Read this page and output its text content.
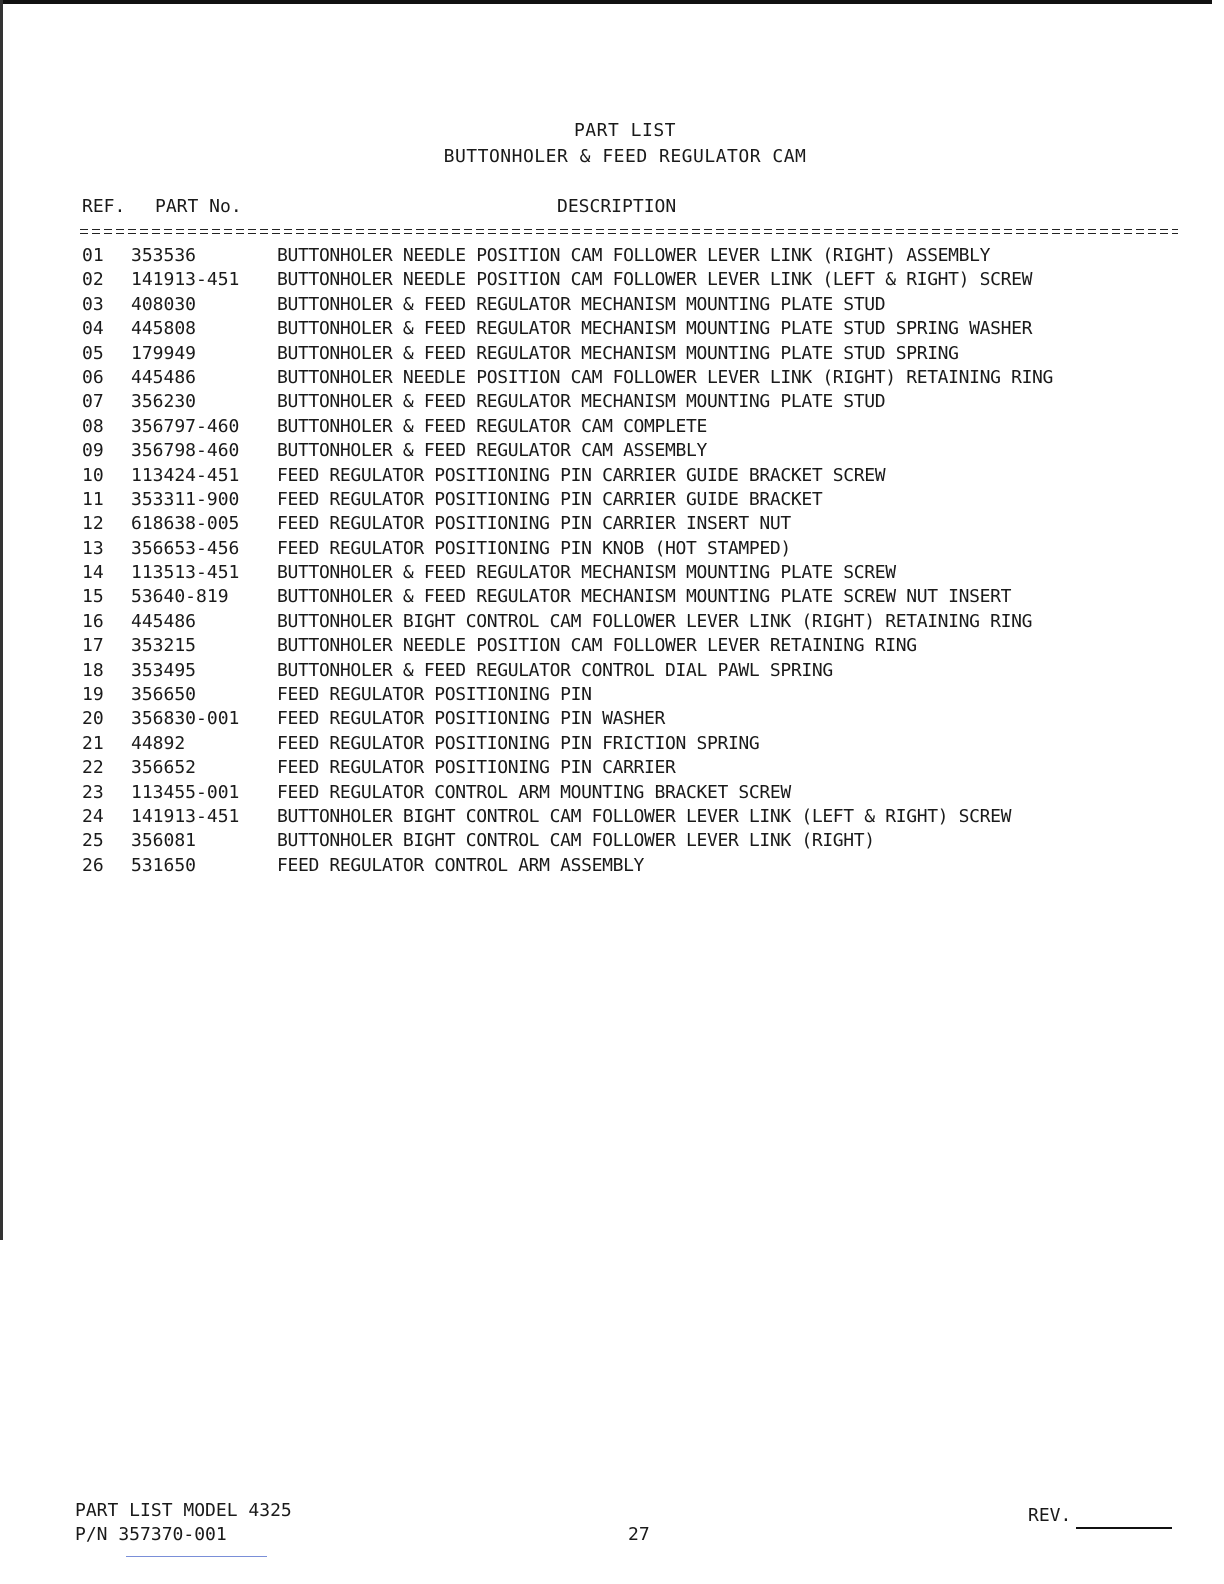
PART LIST
BUTTONHOLER & FEED REGULATOR CAM
REF. PART No.	DESCRIPTION
01 353536	BUTTONHOLER NEEDLE POSITION CAM FOLLOWER LEVER LINK (RIGHT) ASSEMBLY
02 141913-451 BUTTONHOLER NEEDLE POSITION CAM FOLLOWER LEVER LINK (LEFT & RIGHT) SCREW
03 408030	BUTTONHOLER & FEED REGULATOR MECHANISM MOUNTING PLATE STUD
04 445808	BUTTONHOLER & FEED REGULATOR MECHANISM MOUNTING PLATE STUD SPRING WASHER
05 179949	BUTTONHOLER & FEED REGULATOR MECHANISM MOUNTING PLATE STUD SPRING
06 445486	BUTTONHOLER NEEDLE POSITION CAM FOLLOWER LEVER LINK (RIGHT) RETAINING RING
07 356230	BUTTONHOLER & FEED REGULATOR MECHANISM MOUNTING PLATE STUD
08 356797-460 BUTTONHOLER & FEED REGULATOR CAM COMPLETE
09 356798-460 BUTTONHOLER & FEED REGULATOR CAM ASSEMBLY
10 113424-451 FEED REGULATOR POSITIONING PIN CARRIER GUIDE BRACKET SCREW
11 353311-900 FEED REGULATOR POSITIONING PIN CARRIER GUIDE BRACKET
12 618638-005 FEED REGULATOR POSITIONING PIN CARRIER INSERT NUT
13 356653-456 FEED REGULATOR POSITIONING PIN KNOB (HOT STAMPED)
14 113513-451 BUTTONHOLER & FEED REGULATOR MECHANISM MOUNTING PLATE SCREW
15 53640-819	BUTTONHOLER & FEED REGULATOR MECHANISM MOUNTING PLATE SCREW NUT INSERT
16 445486	BUTTONHOLER BIGHT CONTROL CAM FOLLOWER LEVER LINK (RIGHT) RETAINING RING
17 353215	BUTTONHOLER NEEDLE POSITION CAM FOLLOWER LEVER RETAINING RING
18 353495	BUTTONHOLER & FEED REGULATOR CONTROL DIAL PAWL SPRING
19 356650	FEED REGULATOR POSITIONING PIN
20 356830-001 FEED REGULATOR POSITIONING PIN WASHER
21 44892	FEED REGULATOR POSITIONING PIN FRICTION SPRING
22 356652	FEED REGULATOR POSITIONING PIN CARRIER
23 113455-001 FEED REGULATOR CONTROL ARM MOUNTING BRACKET SCREW
24 141913-451 BUTTONHOLER BIGHT CONTROL CAM FOLLOWER LEVER LINK (LEFT & RIGHT) SCREW
25 356081	BUTTONHOLER BIGHT CONTROL CAM FOLLOWER LEVER LINK (RIGHT)
26 531650	FEED REGULATOR CONTROL ARM ASSEMBLY
PART LIST MODEL 4325
P/N 357370-001	27
REV.
